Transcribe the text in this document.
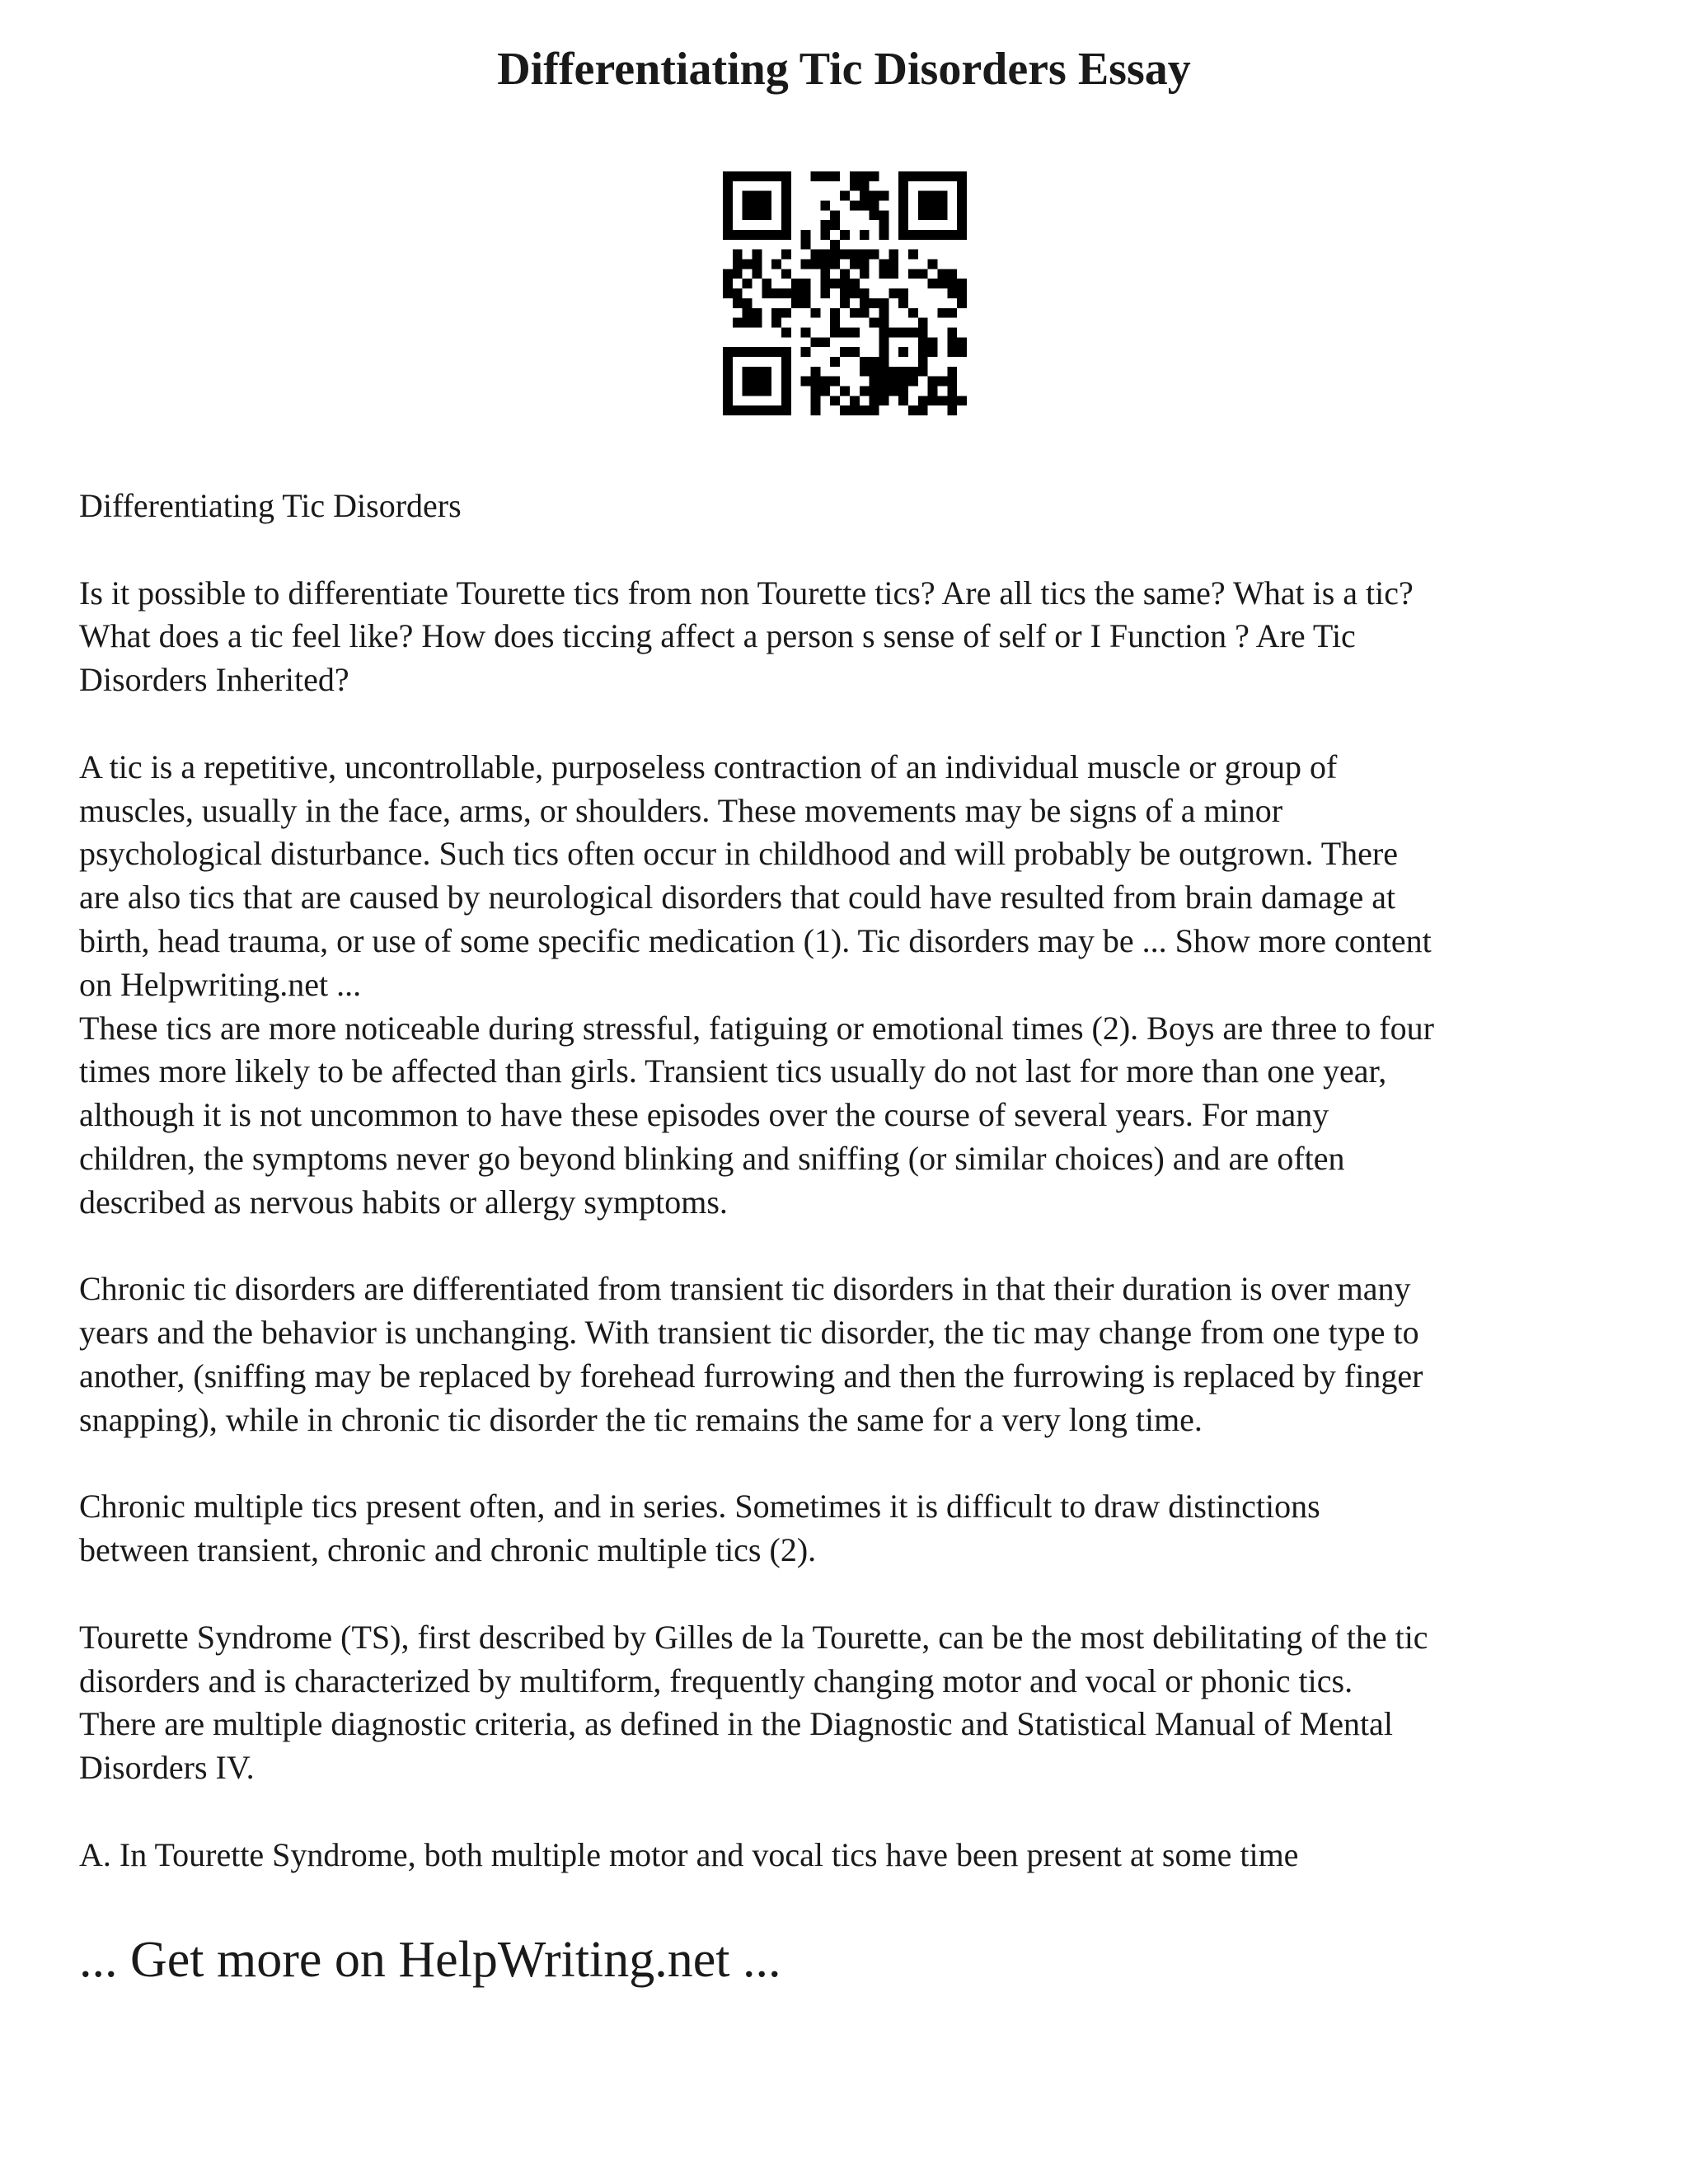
Differentiating Tic Disorders Essay

Differentiating Tic Disorders

Is it possible to differentiate Tourette tics from non Tourette tics? Are all tics the same? What is a tic?
What does a tic feel like? How does ticcing affect a person s sense of self or I Function ? Are Tic
Disorders Inherited?

A tic is a repetitive, uncontrollable, purposeless contraction of an individual muscle or group of
muscles, usually in the face, arms, or shoulders. These movements may be signs of a minor
psychological disturbance. Such tics often occur in childhood and will probably be outgrown. There
are also tics that are caused by neurological disorders that could have resulted from brain damage at
birth, head trauma, or use of some specific medication (1). Tic disorders may be ... Show more content
on Helpwriting.net ...

These tics are more noticeable during stressful, fatiguing or emotional times (2). Boys are three to four
times more likely to be affected than girls. Transient tics usually do not last for more than one year,
although it is not uncommon to have these episodes over the course of several years. For many
children, the symptoms never go beyond blinking and sniffing (or similar choices) and are often
described as nervous habits or allergy symptoms.

Chronic tic disorders are differentiated from transient tic disorders in that their duration is over many
years and the behavior is unchanging. With transient tic disorder, the tic may change from one type to
another, (sniffing may be replaced by forehead furrowing and then the furrowing is replaced by finger
snapping), while in chronic tic disorder the tic remains the same for a very long time.

Chronic multiple tics present often, and in series. Sometimes it is difficult to draw distinctions
between transient, chronic and chronic multiple tics (2).

Tourette Syndrome (TS), first described by Gilles de la Tourette, can be the most debilitating of the tic
disorders and is characterized by multiform, frequently changing motor and vocal or phonic tics.
There are multiple diagnostic criteria, as defined in the Diagnostic and Statistical Manual of Mental
Disorders IV.

A. In Tourette Syndrome, both multiple motor and vocal tics have been present at some time

... Get more on HelpWriting.net ...
